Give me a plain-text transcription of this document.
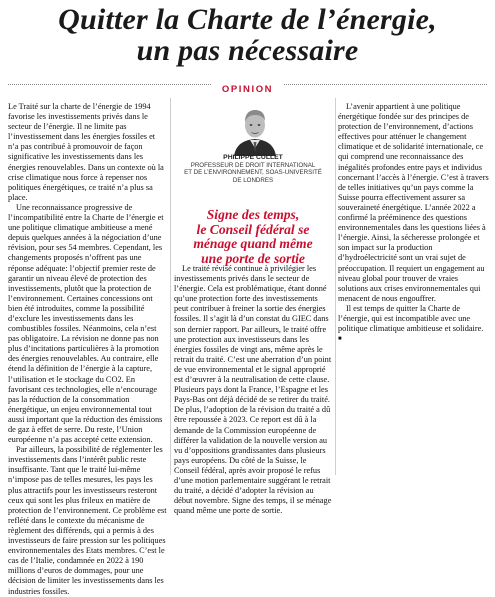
Quitter la Charte de l’énergie,
un pas nécessaire
OPINION

Le Traité sur la charte de l’énergie de 1994 favorise les investissements privés dans le secteur de l’énergie. Il ne limite pas l’investissement dans les énergies fossiles et n’a pas contribué à promouvoir de façon significative les investissements dans les énergies renouvelables. Dans un contexte où la crise climatique nous force à repenser nos politiques énergétiques, ce traité n’a plus sa place.

Une reconnaissance progressive de l’incompatibilité entre la Charte de l’énergie et une politique climatique ambitieuse a mené depuis quelques années à la négociation d’une révision, pour ses 54 membres. Cependant, les changements proposés n’offrent pas une réponse adéquate: l’objectif premier reste de garantir un niveau élevé de protection des investissements, plutôt que la protection de l’environnement. Certaines concessions ont bien été introduites, comme la possibilité d’exclure les investissements dans les combustibles fossiles. Néanmoins, cela n’est pas obligatoire. La révision ne donne pas non plus d’incitations particulières à la promotion des énergies renouvelables. Au contraire, elle étend la définition de l’énergie à la capture, l’utilisation et le stockage du CO2. En favorisant ces technologies, elle n’encourage pas la réduction de la consommation énergétique, un enjeu environnemental tout aussi important que la réduction des émissions de gaz à effet de serre. Du reste, l’Union européenne n’a pas accepté cette extension.

Par ailleurs, la possibilité de réglementer les investissements dans l’intérêt public reste insuffisante. Tant que le traité lui-même n’impose pas de telles mesures, les pays les plus attractifs pour les investisseurs resteront ceux qui sont les plus frileux en matière de protection de l’environnement. Ce problème est reflété dans le contexte du mécanisme de règlement des différends, qui a permis à des investisseurs de faire pression sur les politiques environnementales des Etats membres. C’est le cas de l’Italie, condamnée en 2022 à 190 millions d’euros de dommages, pour une décision de limiter les investissements dans les industries fossiles.

PHILIPPE CULLET
PROFESSEUR DE DROIT INTERNATIONAL
ET DE L’ENVIRONNEMENT, SOAS-UNIVERSITÉ
DE LONDRES
Signe des temps,
le Conseil fédéral se
ménage quand même
une porte de sortie

Le traité révisé continue à privilégier les investissements privés dans le secteur de l’énergie. Cela est problématique, étant donné qu’une protection forte des investissements peut contribuer à freiner la sortie des énergies fossiles. Il s’agit là d’un constat du GIEC dans son dernier rapport. Par ailleurs, le traité offre une protection aux investisseurs dans les énergies fossiles de vingt ans, même après le retrait du traité. C’est une aberration d’un point de vue environnemental et le signal approprié est d’œuvrer à la neutralisation de cette clause. Plusieurs pays dont la France, l’Espagne et les Pays-Bas ont déjà décidé de se retirer du traité. De plus, l’adoption de la révision du traité a dû être repoussée à 2023. Ce report est dû à la demande de la Commission européenne de différer la validation de la nouvelle version au vu d’oppositions grandissantes dans plusieurs pays européens. Du côté de la Suisse, le Conseil fédéral, après avoir proposé le refus d’une motion parlementaire suggérant le retrait du traité, a décidé d’adopter la révision au début novembre. Signe des temps, il se ménage quand même une porte de sortie.

L’avenir appartient à une politique énergétique fondée sur des principes de protection de l’environnement, d’actions effectives pour atténuer le changement climatique et de solidarité internationale, ce qui comprend une reconnaissance des inégalités profondes entre pays et individus concernant l’accès à l’énergie. C’est à travers de telles initiatives qu’un pays comme la Suisse pourra effectivement assurer sa souveraineté énergétique. L’année 2022 a confirmé la prééminence des questions environnementales dans les questions liées à l’énergie. Ainsi, la sécheresse prolongée et son impact sur la production d’hydroélectricité sont un vrai sujet de préoccupation. Il requiert un engagement au niveau global pour trouver de vraies solutions aux crises environnementales qui menacent de nous engouffrer.

Il est temps de quitter la Charte de l’énergie, qui est incompatible avec une politique climatique ambitieuse et solidaire. ■
